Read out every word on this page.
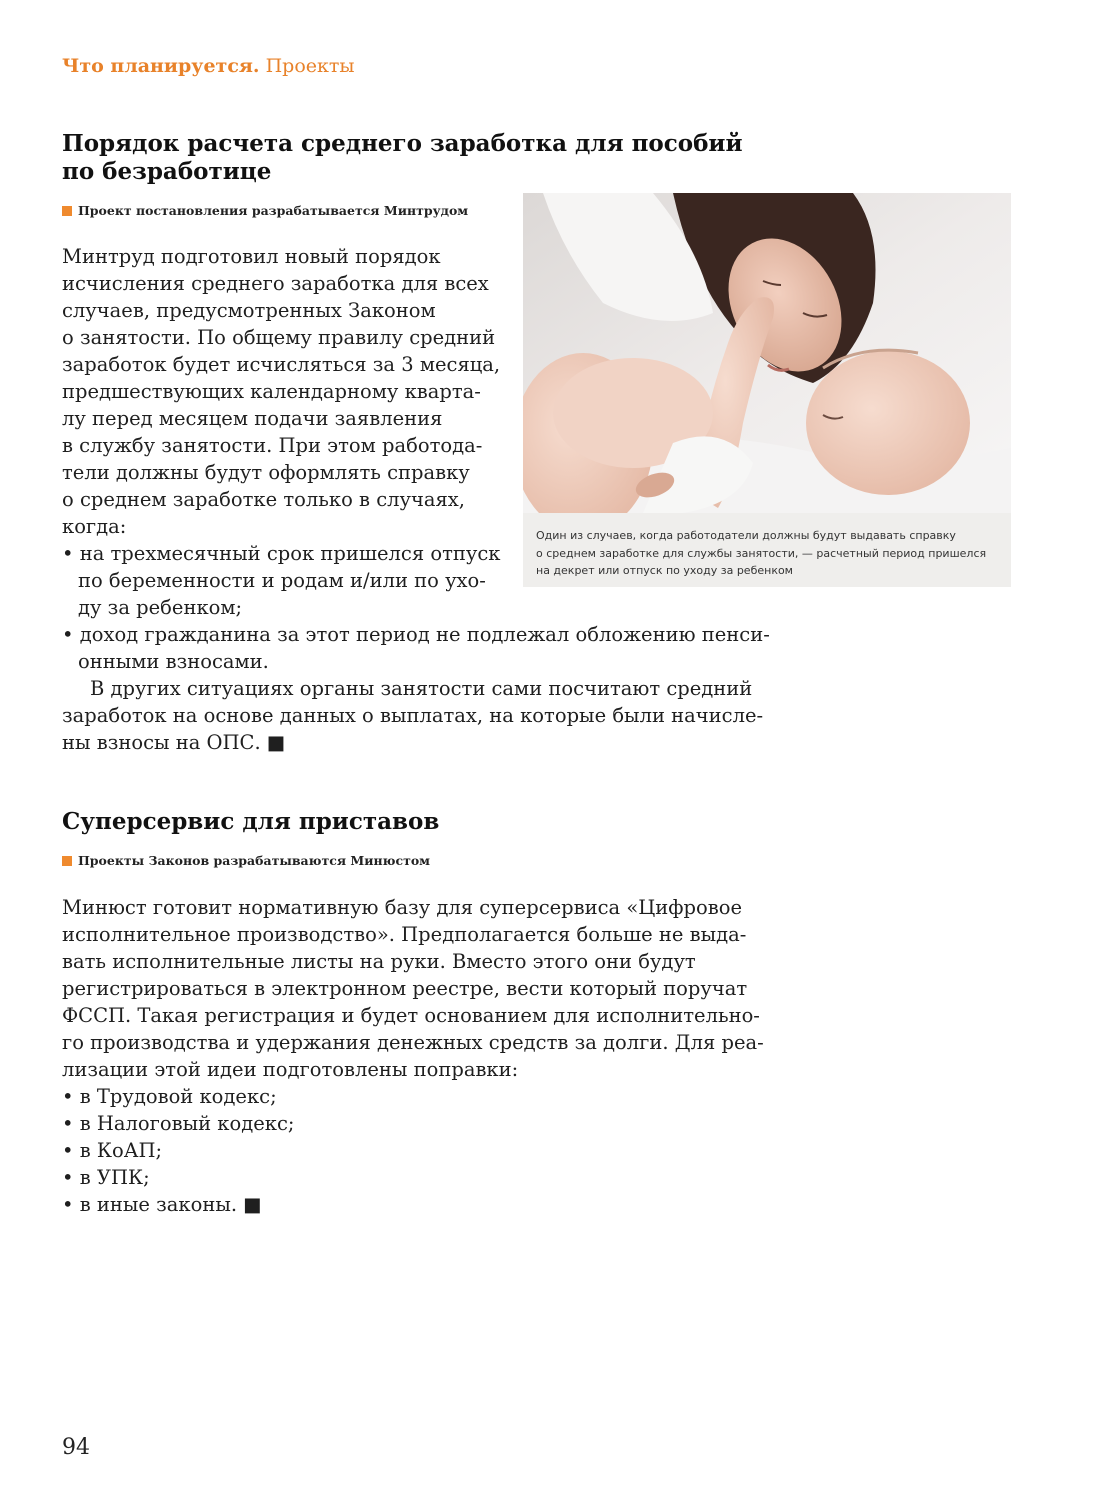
Что планируется. Проекты
Порядок расчета среднего заработка для пособий
по безработице
Проект постановления разрабатывается Минтрудом
Минтруд подготовил новый порядок
исчисления среднего заработка для всех
случаев, предусмотренных Законом
о занятости. По общему правилу средний
заработок будет исчисляться за 3 месяца,
предшествующих календарному кварта-
лу перед месяцем подачи заявления
в службу занятости. При этом работода-
тели должны будут оформлять справку
о среднем заработке только в случаях,
когда:
• на трехмесячный срок пришелся отпуск
по беременности и родам и/или по ухо-
ду за ребенком;
• доход гражданина за этот период не подлежал обложению пенси-
онными взносами.
В других ситуациях органы занятости сами посчитают средний
заработок на основе данных о выплатах, на которые были начисле-
ны взносы на ОПС. ■
Один из случаев, когда работодатели должны будут выдавать справку
о среднем заработке для службы занятости, — расчетный период пришелся
на декрет или отпуск по уходу за ребенком
Суперсервис для приставов
Проекты Законов разрабатываются Минюстом
Минюст готовит нормативную базу для суперсервиса «Цифровое
исполнительное производство». Предполагается больше не выда-
вать исполнительные листы на руки. Вместо этого они будут
регистрироваться в электронном реестре, вести который поручат
ФССП. Такая регистрация и будет основанием для исполнительно-
го производства и удержания денежных средств за долги. Для реа-
лизации этой идеи подготовлены поправки:
• в Трудовой кодекс;
• в Налоговый кодекс;
• в КоАП;
• в УПК;
• в иные законы. ■
94
